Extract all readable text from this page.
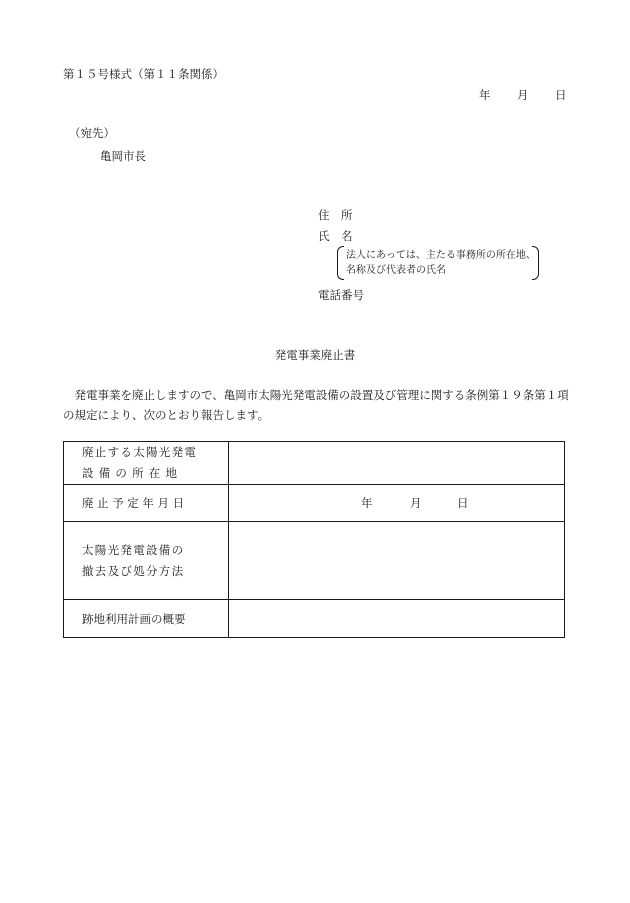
第１５号様式（第１１条関係）
年 月 日
（宛先）
亀岡市長
住　所
氏　名
法人にあっては、主たる事務所の所在地、
名称及び代表者の氏名
電話番号
発電事業廃止書
　発電事業を廃止しますので、亀岡市太陽光発電設備の設置及び管理に関する条例第１９条第１項の規定により、次のとおり報告します。
廃止する太陽光発電
設備の所在地	

廃止予定年月日	年 月 日

太陽光発電設備の
撤去及び処分方法	

跡地利用計画の概要	
